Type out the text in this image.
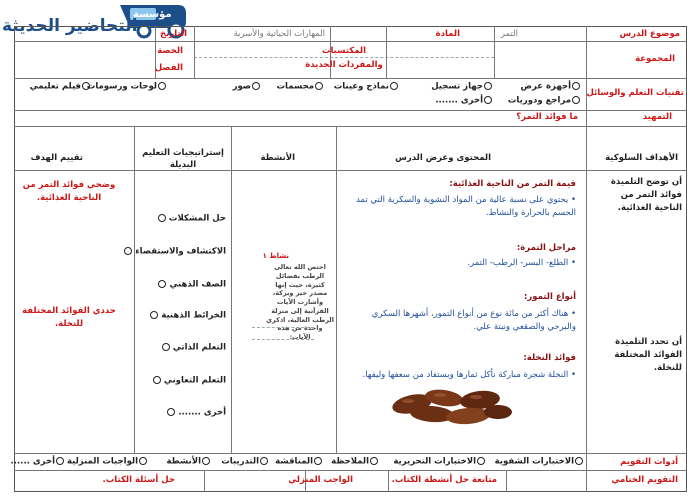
مؤسسة
التحاضير الحديثة	موضوع الدرس
التمر
المادة
المهارات الحياتية والأسرية
التاريخ
المجموعة
المكتسبات والمفردات الجديدة
الحصة
الفصل
تقنيات التعلم والوسائل
أجهزة عرض
جهاز تسجيل
نماذج وعينات
مجسمات
صور
لوحات ورسومات
فيلم تعليمي
مراجع ودوريات
أخرى .......
التمهيد
ما فوائد التمر؟
الأهداف السلوكية
المحتوى وعرض الدرس
الأنشطة
إستراتيجيات التعليم البديلة
تقييم الهدف
أن توضح التلميذة فوائد التمر من الناحية الغذائية.
أن تحدد التلميذة الفوائد المختلفة للنخلة.
قيمة التمر من الناحية الغذائية:
• يحتوي على نسبة عالية من المواد النشوية والسكرية التي تمد الجسم بالحرارة والنشاط.
مراحل التمرة:
• الطلع- البسر- الرطب- التمر.
أنواع التمور:
• هناك أكثر من مائة نوع من أنواع التمور، أشهرها السكري والبرحي والصقعي ونبتة علي.
فوائد النخلة:
• النخلة شجرة مباركة نأكل ثمارها ويستفاد من سعفها وليفها.
نشاط ١
اختص الله تعالى الرطب بفضائل كثيرة، حيث إنها مصدر خير وبركة، وأشارت الآيات القرآنية إلى منزلة الرطب العالية، اذكري واحدة من هذه الآيات:
حل المشكلات
الاكتشاف والاستقصاء
الصف الذهني
الخرائط الذهنية
التعلم الذاتي
التعلم التعاوني
أخرى .......
وضحي فوائد التمر من الناحية الغذائية.
حددي الفوائد المختلفة للنخلة.
أدوات التقويم
الاختبارات الشفوية
الاختبارات التحريرية
الملاحظة
المناقشة
التدريبات
الأنشطة
الواجبات المنزلية
أخرى ......
التقويم الختامي
متابعة حل أنشطة الكتاب.
الواجب المنزلي
حل أسئلة الكتاب.
